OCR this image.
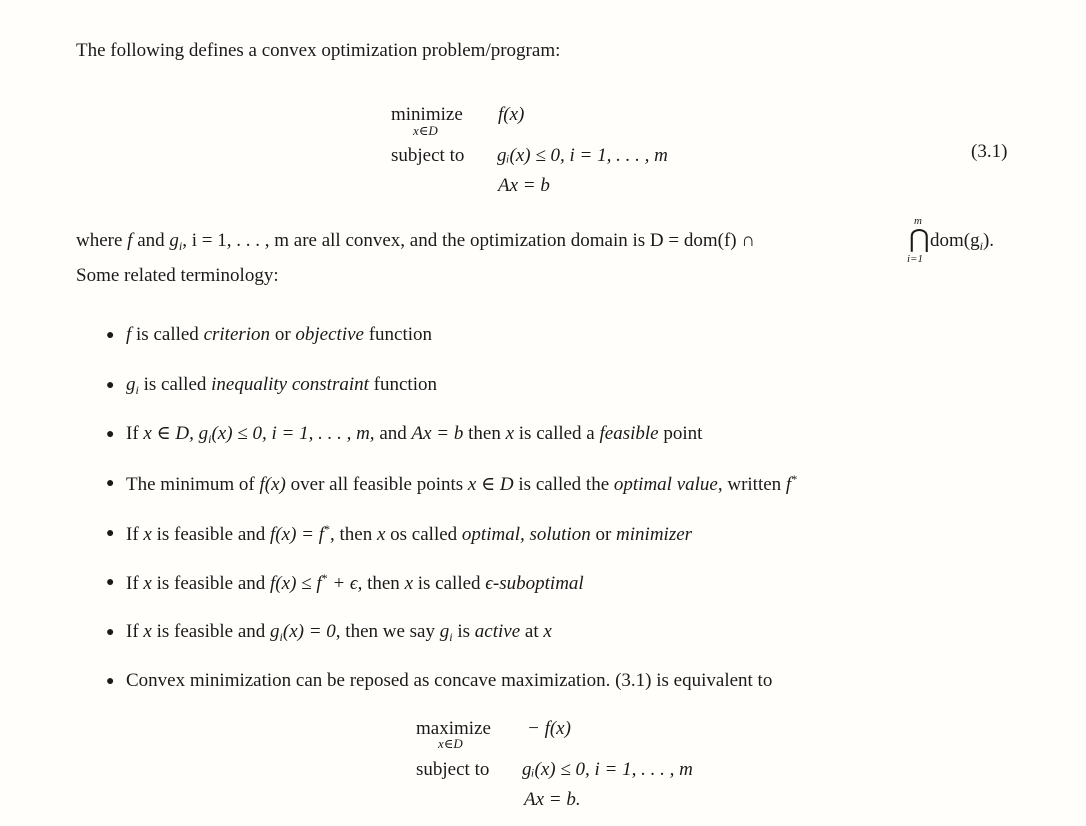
The following defines a convex optimization problem/program:
minimize
x∈D
f(x)
subject to gᵢ(x) ≤ 0, i = 1, . . . , m
Ax = b
(3.1)
where f and $g_i$, i = 1, . . . , m are all convex, and the optimization domain is D = dom(f) ∩	⋂
m
i=1
$dom(g_i)$.
Some related terminology:
● f is called criterion or objective function
● $g_i$ is called inequality constraint function
● If x ∈ D, $g_i(x) \le 0$, i = 1, . . . , m, and Ax = b then x is called a feasible point
● The minimum of f(x) over all feasible points x ∈ D is called the optimal value, written f*
● If x is feasible and f(x) = f*, then x os called optimal, solution or minimizer
● If x is feasible and f(x) ≤ f* + ϵ, then x is called ϵ-suboptimal
● If x is feasible and $g_i(x) = 0$, then we say $g_i$ is active at x
● Convex minimization can be reposed as concave maximization. (3.1) is equivalent to
maximize
x∈D
− f(x)
subject to gᵢ(x) ≤ 0, i = 1, . . . , m
Ax = b.
